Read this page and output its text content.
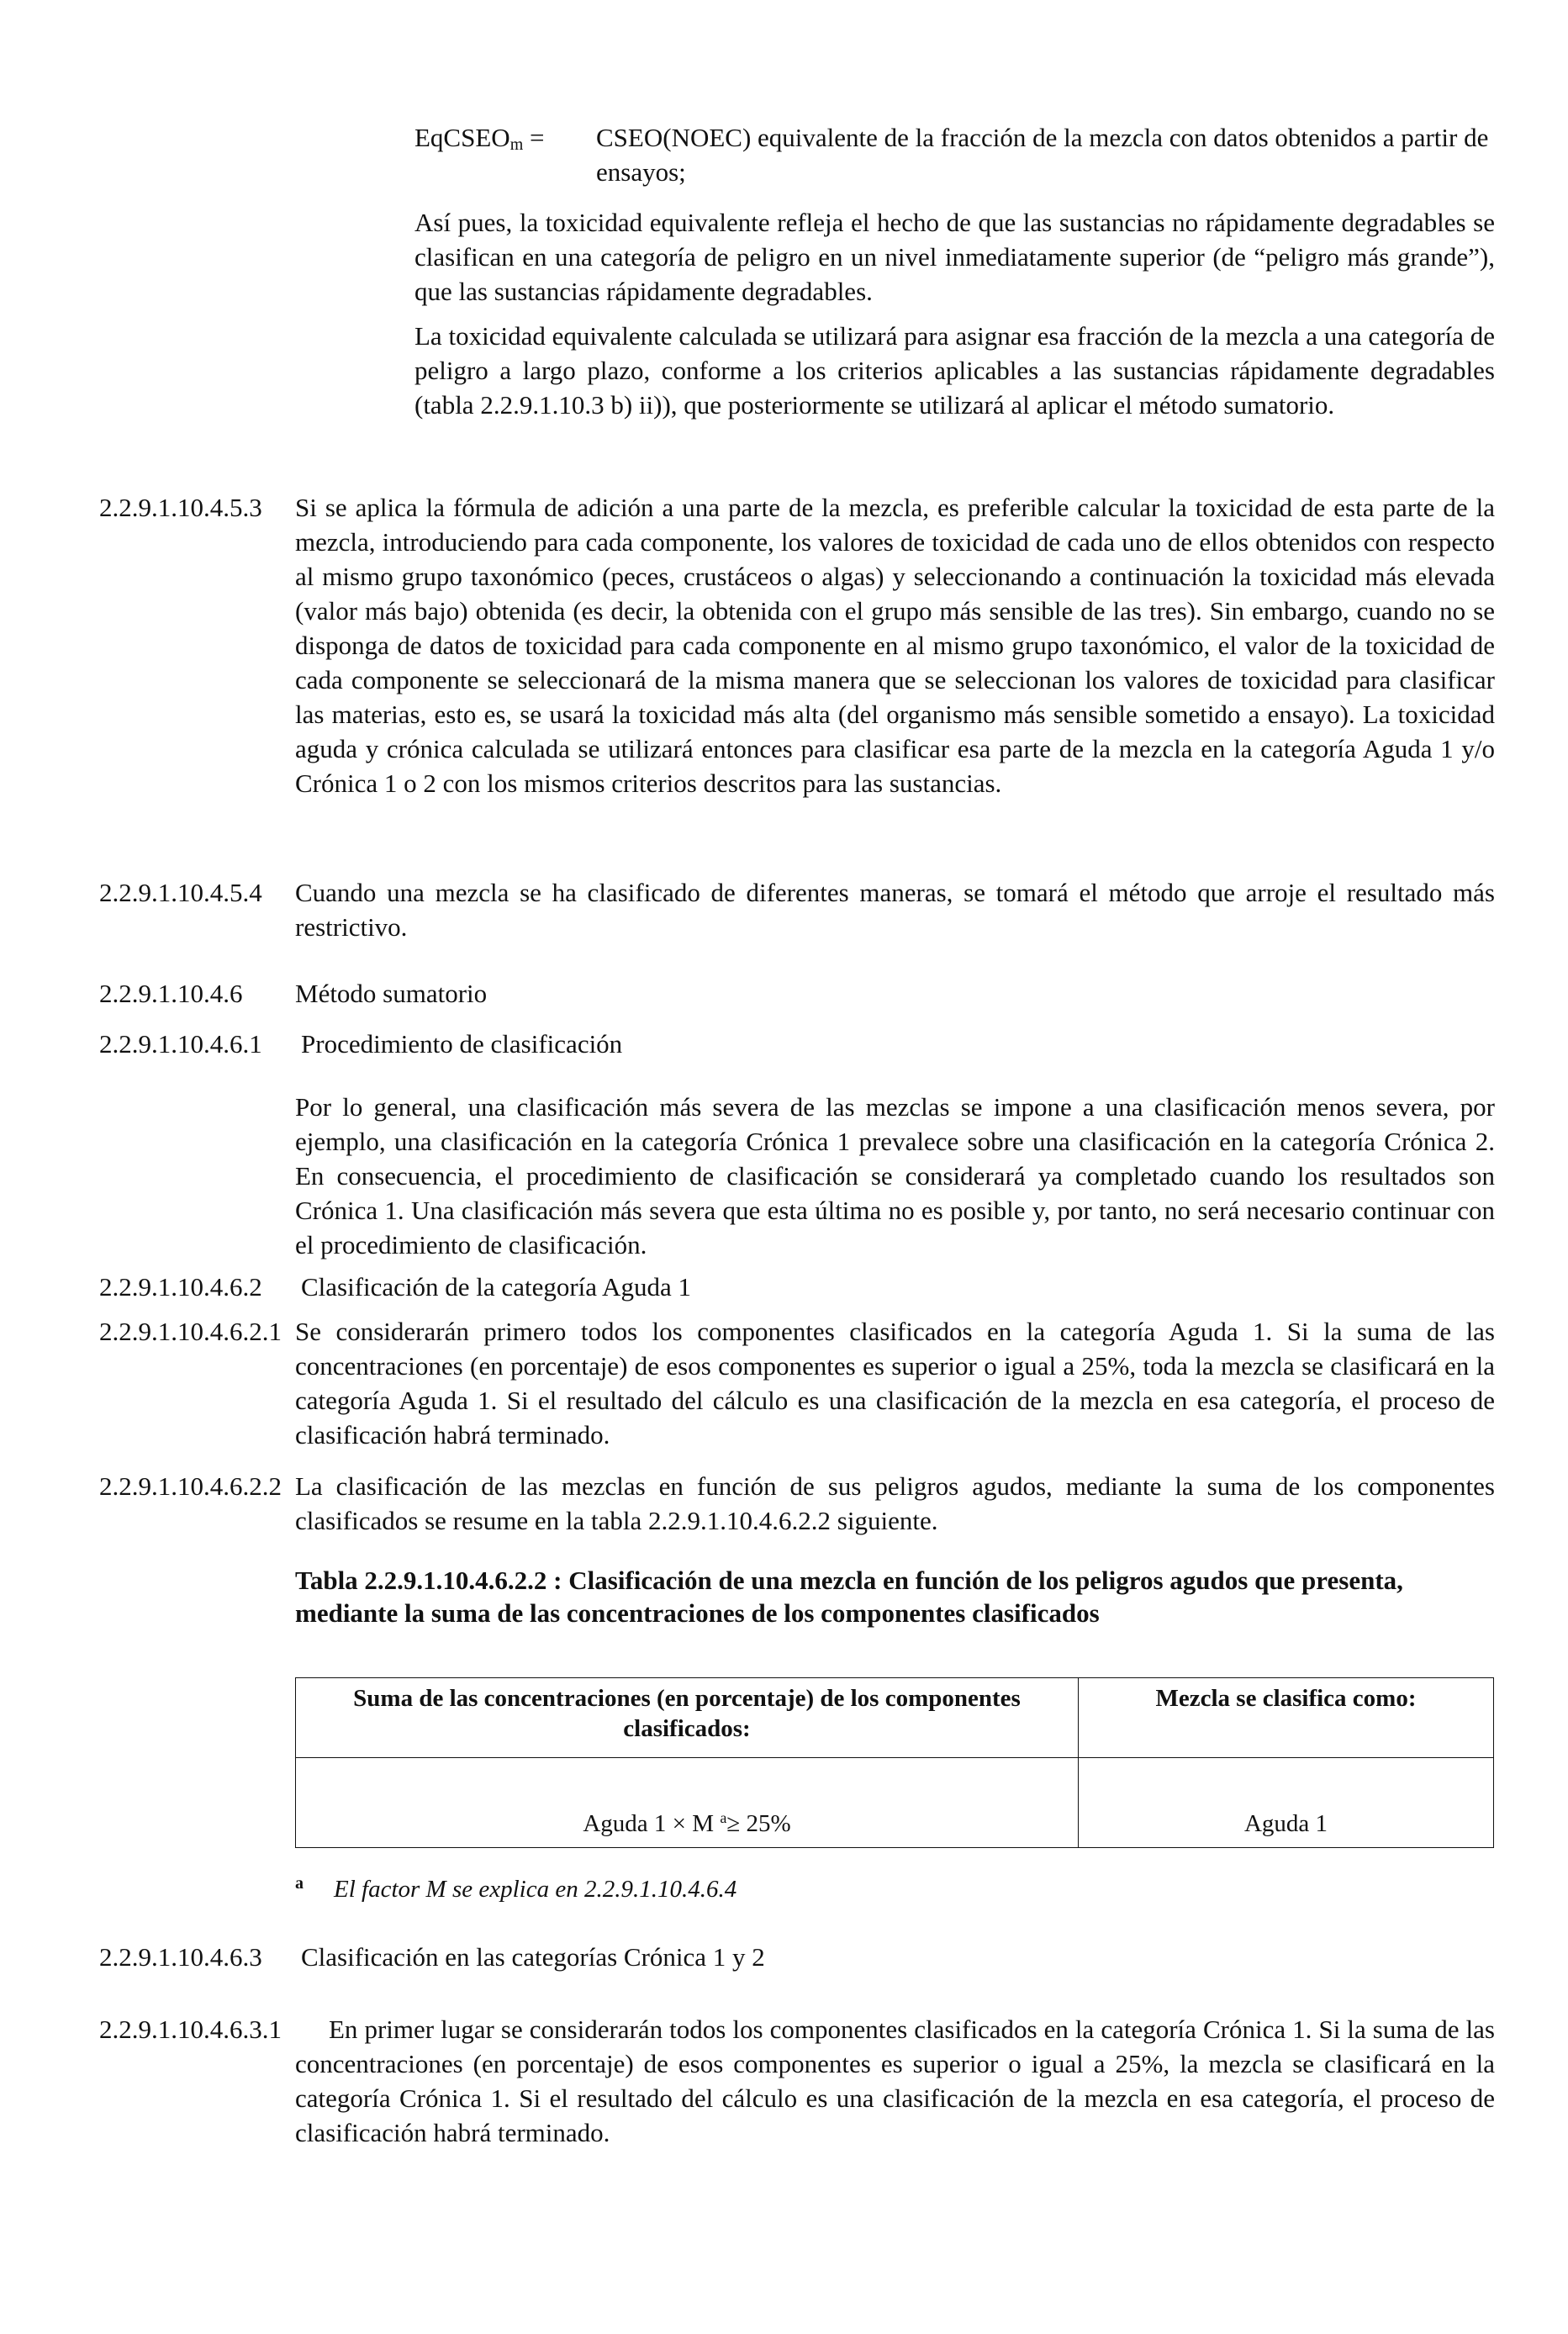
EqCSEO$_m$ = CSEO(NOEC) equivalente de la fracción de la mezcla con datos obtenidos a partir de ensayos;
Así pues, la toxicidad equivalente refleja el hecho de que las sustancias no rápidamente degradables se clasifican en una categoría de peligro en un nivel inmediatamente superior (de “peligro más grande”), que las sustancias rápidamente degradables.
La toxicidad equivalente calculada se utilizará para asignar esa fracción de la mezcla a una categoría de peligro a largo plazo, conforme a los criterios aplicables a las sustancias rápidamente degradables (tabla 2.2.9.1.10.3 b) ii)), que posteriormente se utilizará al aplicar el método sumatorio.
2.2.9.1.10.4.5.3 Si se aplica la fórmula de adición a una parte de la mezcla, es preferible calcular la toxicidad de esta parte de la mezcla, introduciendo para cada componente, los valores de toxicidad de cada uno de ellos obtenidos con respecto al mismo grupo taxonómico (peces, crustáceos o algas) y seleccionando a continuación la toxicidad más elevada (valor más bajo) obtenida (es decir, la obtenida con el grupo más sensible de las tres). Sin embargo, cuando no se disponga de datos de toxicidad para cada componente en al mismo grupo taxonómico, el valor de la toxicidad de cada componente se seleccionará de la misma manera que se seleccionan los valores de toxicidad para clasificar las materias, esto es, se usará la toxicidad más alta (del organismo más sensible sometido a ensayo). La toxicidad aguda y crónica calculada se utilizará entonces para clasificar esa parte de la mezcla en la categoría Aguda 1 y/o Crónica 1 o 2 con los mismos criterios descritos para las sustancias.
2.2.9.1.10.4.5.4 Cuando una mezcla se ha clasificado de diferentes maneras, se tomará el método que arroje el resultado más restrictivo.
2.2.9.1.10.4.6 Método sumatorio
2.2.9.1.10.4.6.1 Procedimiento de clasificación
Por lo general, una clasificación más severa de las mezclas se impone a una clasificación menos severa, por ejemplo, una clasificación en la categoría Crónica 1 prevalece sobre una clasificación en la categoría Crónica 2. En consecuencia, el procedimiento de clasificación se considerará ya completado cuando los resultados son Crónica 1. Una clasificación más severa que esta última no es posible y, por tanto, no será necesario continuar con el procedimiento de clasificación.
2.2.9.1.10.4.6.2 Clasificación de la categoría Aguda 1
2.2.9.1.10.4.6.2.1 Se considerarán primero todos los componentes clasificados en la categoría Aguda 1. Si la suma de las concentraciones (en porcentaje) de esos componentes es superior o igual a 25%, toda la mezcla se clasificará en la categoría Aguda 1. Si el resultado del cálculo es una clasificación de la mezcla en esa categoría, el proceso de clasificación habrá terminado.
2.2.9.1.10.4.6.2.2 La clasificación de las mezclas en función de sus peligros agudos, mediante la suma de los componentes clasificados se resume en la tabla 2.2.9.1.10.4.6.2.2 siguiente.
Tabla 2.2.9.1.10.4.6.2.2 : Clasificación de una mezcla en función de los peligros agudos que presenta, mediante la suma de las concentraciones de los componentes clasificados
Suma de las concentraciones (en porcentaje) de los componentes clasificados:	Mezcla se clasifica como:
Aguda 1 × M $^a$≥ 25%	Aguda 1
$^a$ El factor M se explica en 2.2.9.1.10.4.6.4
2.2.9.1.10.4.6.3 Clasificación en las categorías Crónica 1 y 2
2.2.9.1.10.4.6.3.1	En primer lugar se considerarán todos los componentes clasificados en la categoría Crónica 1. Si la suma de las concentraciones (en porcentaje) de esos componentes es superior o igual a 25%, la mezcla se clasificará en la categoría Crónica 1. Si el resultado del cálculo es una clasificación de la mezcla en esa categoría, el proceso de clasificación habrá terminado.
